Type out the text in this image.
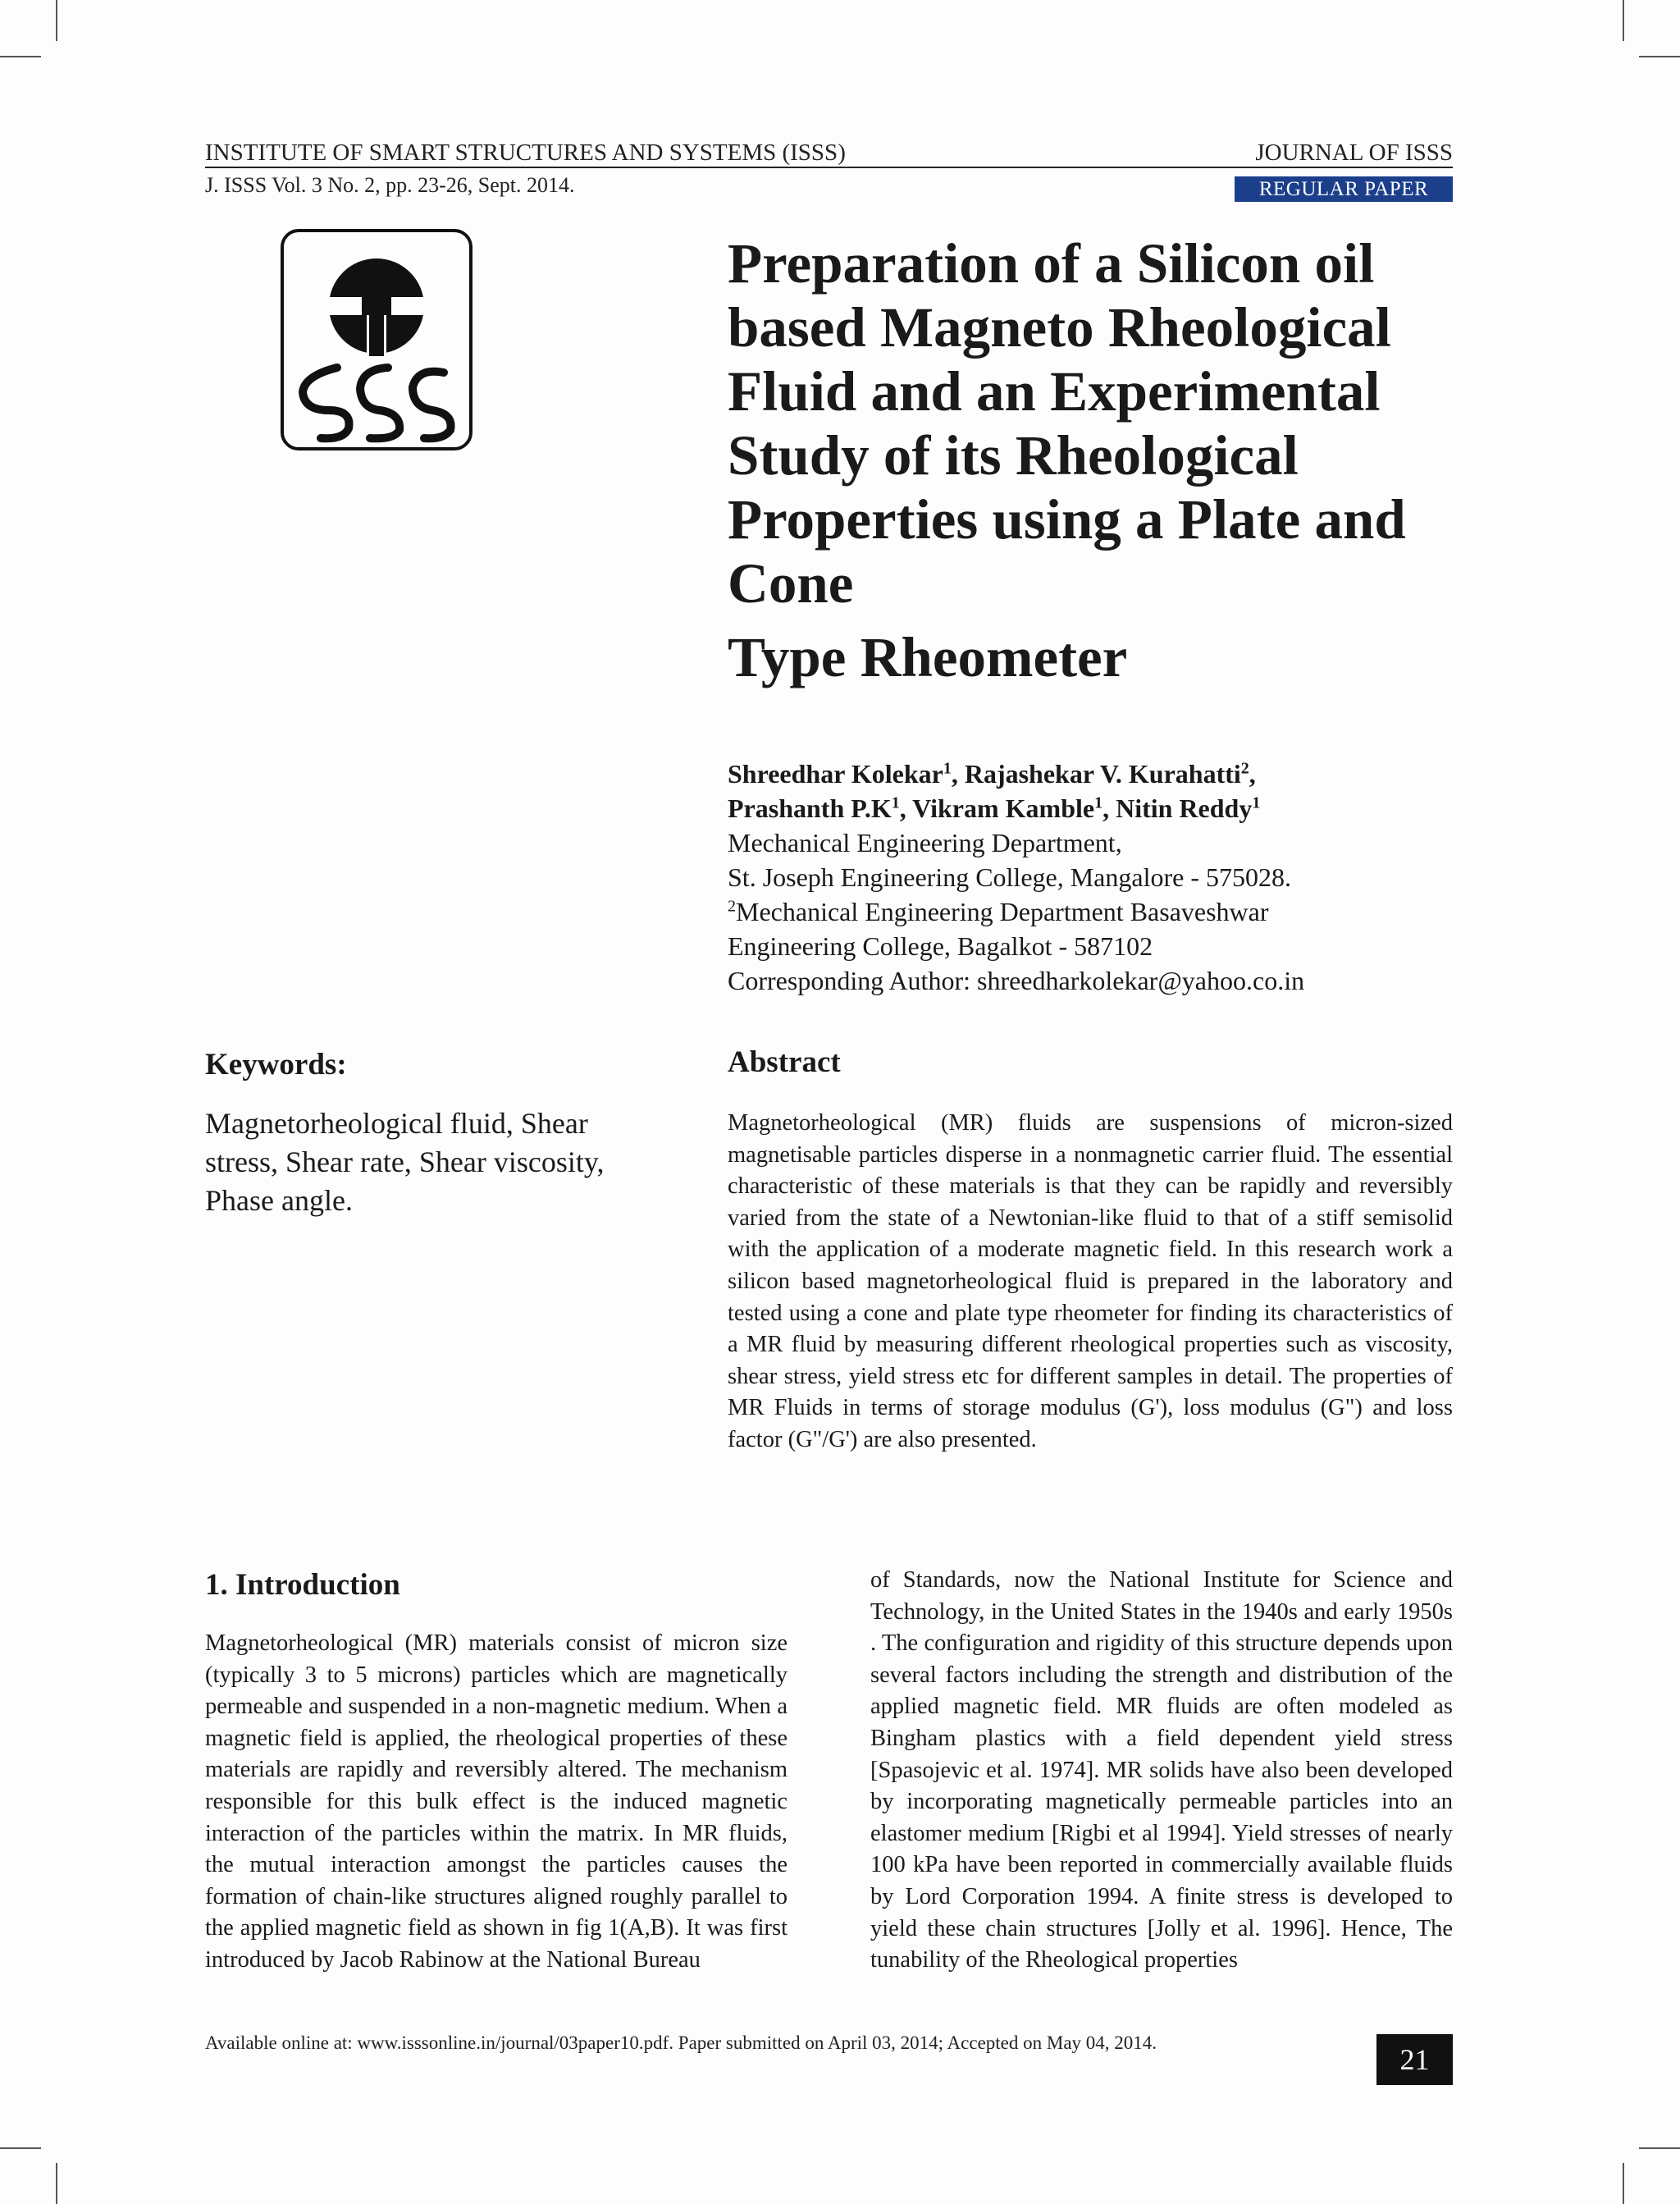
INSTITUTE OF SMART STRUCTURES AND SYSTEMS (ISSS)	JOURNAL OF ISSS
J. ISSS Vol. 3 No. 2, pp. 23-26, Sept. 2014.	REGULAR PAPER
Preparation of a Silicon oil based Magneto Rheological Fluid and an Experimental Study of its Rheological Properties using a Plate and Cone
Type Rheometer
Shreedhar Kolekar$^1$, Rajashekar V. Kurahatti$^2$,
Prashanth $P.K^1$, Vikram Kamble$^1$, Nitin Reddy$^1$
Mechanical Engineering Department,
St. Joseph Engineering College, Mangalore - 575028.
$^2$Mechanical Engineering Department Basaveshwar
Engineering College, Bagalkot - 587102
Corresponding Author: shreedharkolekar@yahoo.co.in
Keywords:
Magnetorheological fluid, Shear stress, Shear rate, Shear viscosity, Phase angle.
Abstract
Magnetorheological (MR) fluids are suspensions of micron-sized magnetisable particles disperse in a nonmagnetic carrier fluid. The essential characteristic of these materials is that they can be rapidly and reversibly varied from the state of a Newtonian-like fluid to that of a stiff semisolid with the application of a moderate magnetic field. In this research work a silicon based magnetorheological fluid is prepared in the laboratory and tested using a cone and plate type rheometer for finding its characteristics of a MR fluid by measuring different rheological properties such as viscosity, shear stress, yield stress etc for different samples in detail. The properties of MR Fluids in terms of storage modulus (G'), loss modulus (G") and loss factor (G"/G') are also presented.
1. Introduction
Magnetorheological (MR) materials consist of micron size (typically 3 to 5 microns) particles which are magnetically permeable and suspended in a non-magnetic medium. When a magnetic field is applied, the rheological properties of these materials are rapidly and reversibly altered. The mechanism responsible for this bulk effect is the induced magnetic interaction of the particles within the matrix. In MR fluids, the mutual interaction amongst the particles causes the formation of chain-like structures aligned roughly parallel to the applied magnetic field as shown in fig 1(A,B). It was first introduced by Jacob Rabinow at the National Bureau
of Standards, now the National Institute for Science and Technology, in the United States in the 1940s and early 1950s . The configuration and rigidity of this structure depends upon several factors including the strength and distribution of the applied magnetic field. MR fluids are often modeled as Bingham plastics with a field dependent yield stress [Spasojevic et al. 1974]. MR solids have also been developed by incorporating magnetically permeable particles into an elastomer medium [Rigbi et al 1994]. Yield stresses of nearly 100 kPa have been reported in commercially available fluids by Lord Corporation 1994. A finite stress is developed to yield these chain structures [Jolly et al. 1996]. Hence, The tunability of the Rheological properties
Available online at: www.isssonline.in/journal/03paper10.pdf. Paper submitted on April 03, 2014; Accepted on May 04, 2014.
21
